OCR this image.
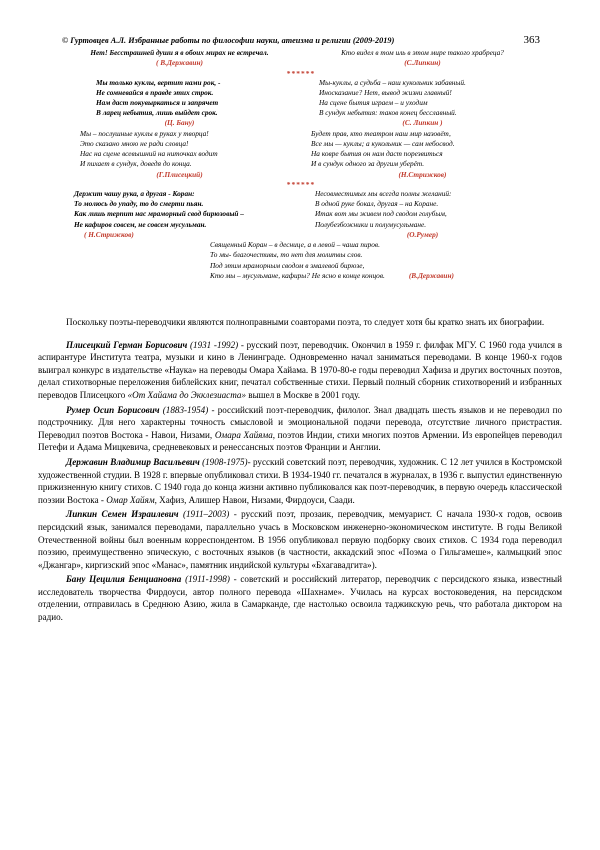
© Гуртовцев А.Л. Избранные работы по философии науки, атеизма и религии (2009-2019)	363
Нет! Бесстрашней души я в обоих мирах не встречал.
( В.Державин)
Кто видел в том иль в этом мире такого храбреца?
(С.Липкин)
******
Мы только куклы, вертит нами рок, -
Не сомневайся в правде этих строк.
Нам даст покувыркаться и запрячет
В ларец небытия, лишь выйдет срок.
(Ц. Бану)
Мы-куклы, а судьба – наш кукольник забавный.
Иносказание? Нет, вывод жизни главный!
На сцене бытия играем – и уходим
В сундук небытия: таков конец бесславный.
(С. Липкин )
Мы – послушные куклы в руках у творца!
Это сказано мною не ради словца!
Нас на сцене всевышний на ниточках водит
И пихает в сундук, доведя до конца.
(Г.Плисецкий)
Будет прав, кто театром наш мир назовёт,
Все мы — куклы; а кукольник — сам небосвод.
На ковре бытия он нам даст порезвиться
И в сундук одного за другим уберёт.
(Н.Стрижков)
******
Держит чашу рука, а другая - Коран:
То молюсь до упаду, то до смерти пьян.
Как лишь терпит нас мраморный свод бирюзовый –
Не кафиров совсем, не совсем мусульман.
( Н.Стрижков)
Несовместимых мы всегда полны желаний:
В одной руке бокал, другая – на Коране.
Итак вот мы живем под сводом голубым,
Полубезбожники и полумусульмане.
(О.Румер)
Священный Коран – в деснице, а в левой – чаша пиров.
То мы- благочестивы, то нет для молитвы слов.
Под этим мраморным сводом в эмалевой бирюзе,
Кто мы – мусульмане, кафиры? Не ясно в конце концов.	(В.Державин)

Поскольку поэты-переводчики являются полноправными соавторами поэта, то следует хотя бы кратко знать их биографии.

Плисецкий Герман Борисович (1931 -1992) - русский поэт, переводчик. Окончил в 1959 г. филфак МГУ. С 1960 года учился в аспирантуре Института театра, музыки и кино в Ленинграде. Одновременно начал заниматься переводами. В конце 1960-х годов выиграл конкурс в издательстве «Наука» на переводы Омара Хайама. В 1970-80-е годы переводил Хафиза и других восточных поэтов, делал стихотворные переложения библейских книг, печатал собственные стихи. Первый полный сборник стихотворений и избранных переводов Плисецкого «От Хайама до Экклезиаста» вышел в Москве в 2001 году.

Румер Осип Борисович (1883-1954) - российский поэт-переводчик, филолог. Знал двадцать шесть языков и не переводил по подстрочнику. Для него характерны точность смысловой и эмоциональной подачи перевода, отсутствие личного пристрастия. Переводил поэтов Востока - Навои, Низами, Омара Хайяма, поэтов Индии, стихи многих поэтов Армении. Из европейцев переводил Петефи и Адама Мицкевича, средневековых и ренессансных поэтов Франции и Англии.

Державин Владимир Васильевич (1908-1975)- русский советский поэт, переводчик, художник. С 12 лет учился в Костромской художественной студии. В 1928 г. впервые опубликовал стихи. В 1934-1940 гг. печатался в журналах, в 1936 г. выпустил единственную прижизненную книгу стихов. С 1940 года до конца жизни активно публиковался как поэт-переводчик, в первую очередь классической поэзии Востока - Омар Хайям, Хафиз, Алишер Навои, Низами, Фирдоуси, Саади.

Липкин Семен Израилевич (1911–2003) - русский поэт, прозаик, переводчик, мемуарист. С начала 1930-х годов, освоив персидский язык, занимался переводами, параллельно учась в Московском инженерно-экономическом институте. В годы Великой Отечественной войны был военным корреспондентом. В 1956 опубликовал первую подборку своих стихов. С 1934 года переводил поэзию, преимущественно эпическую, с восточных языков (в частности, аккадский эпос «Поэма о Гильгамеше», калмыцкий эпос «Джангар», киргизский эпос «Манас», памятник индийской культуры «Бхагавадгита»).

Бану Цецилия Бенциановна (1911-1998) - советский и российский литератор, переводчик с персидского языка, известный исследователь творчества Фирдоуси, автор полного перевода «Шахнаме». Училась на курсах востоковедения, на персидском отделении, отправилась в Среднюю Азию, жила в Самарканде, где настолько освоила таджикскую речь, что работала диктором на радио.
